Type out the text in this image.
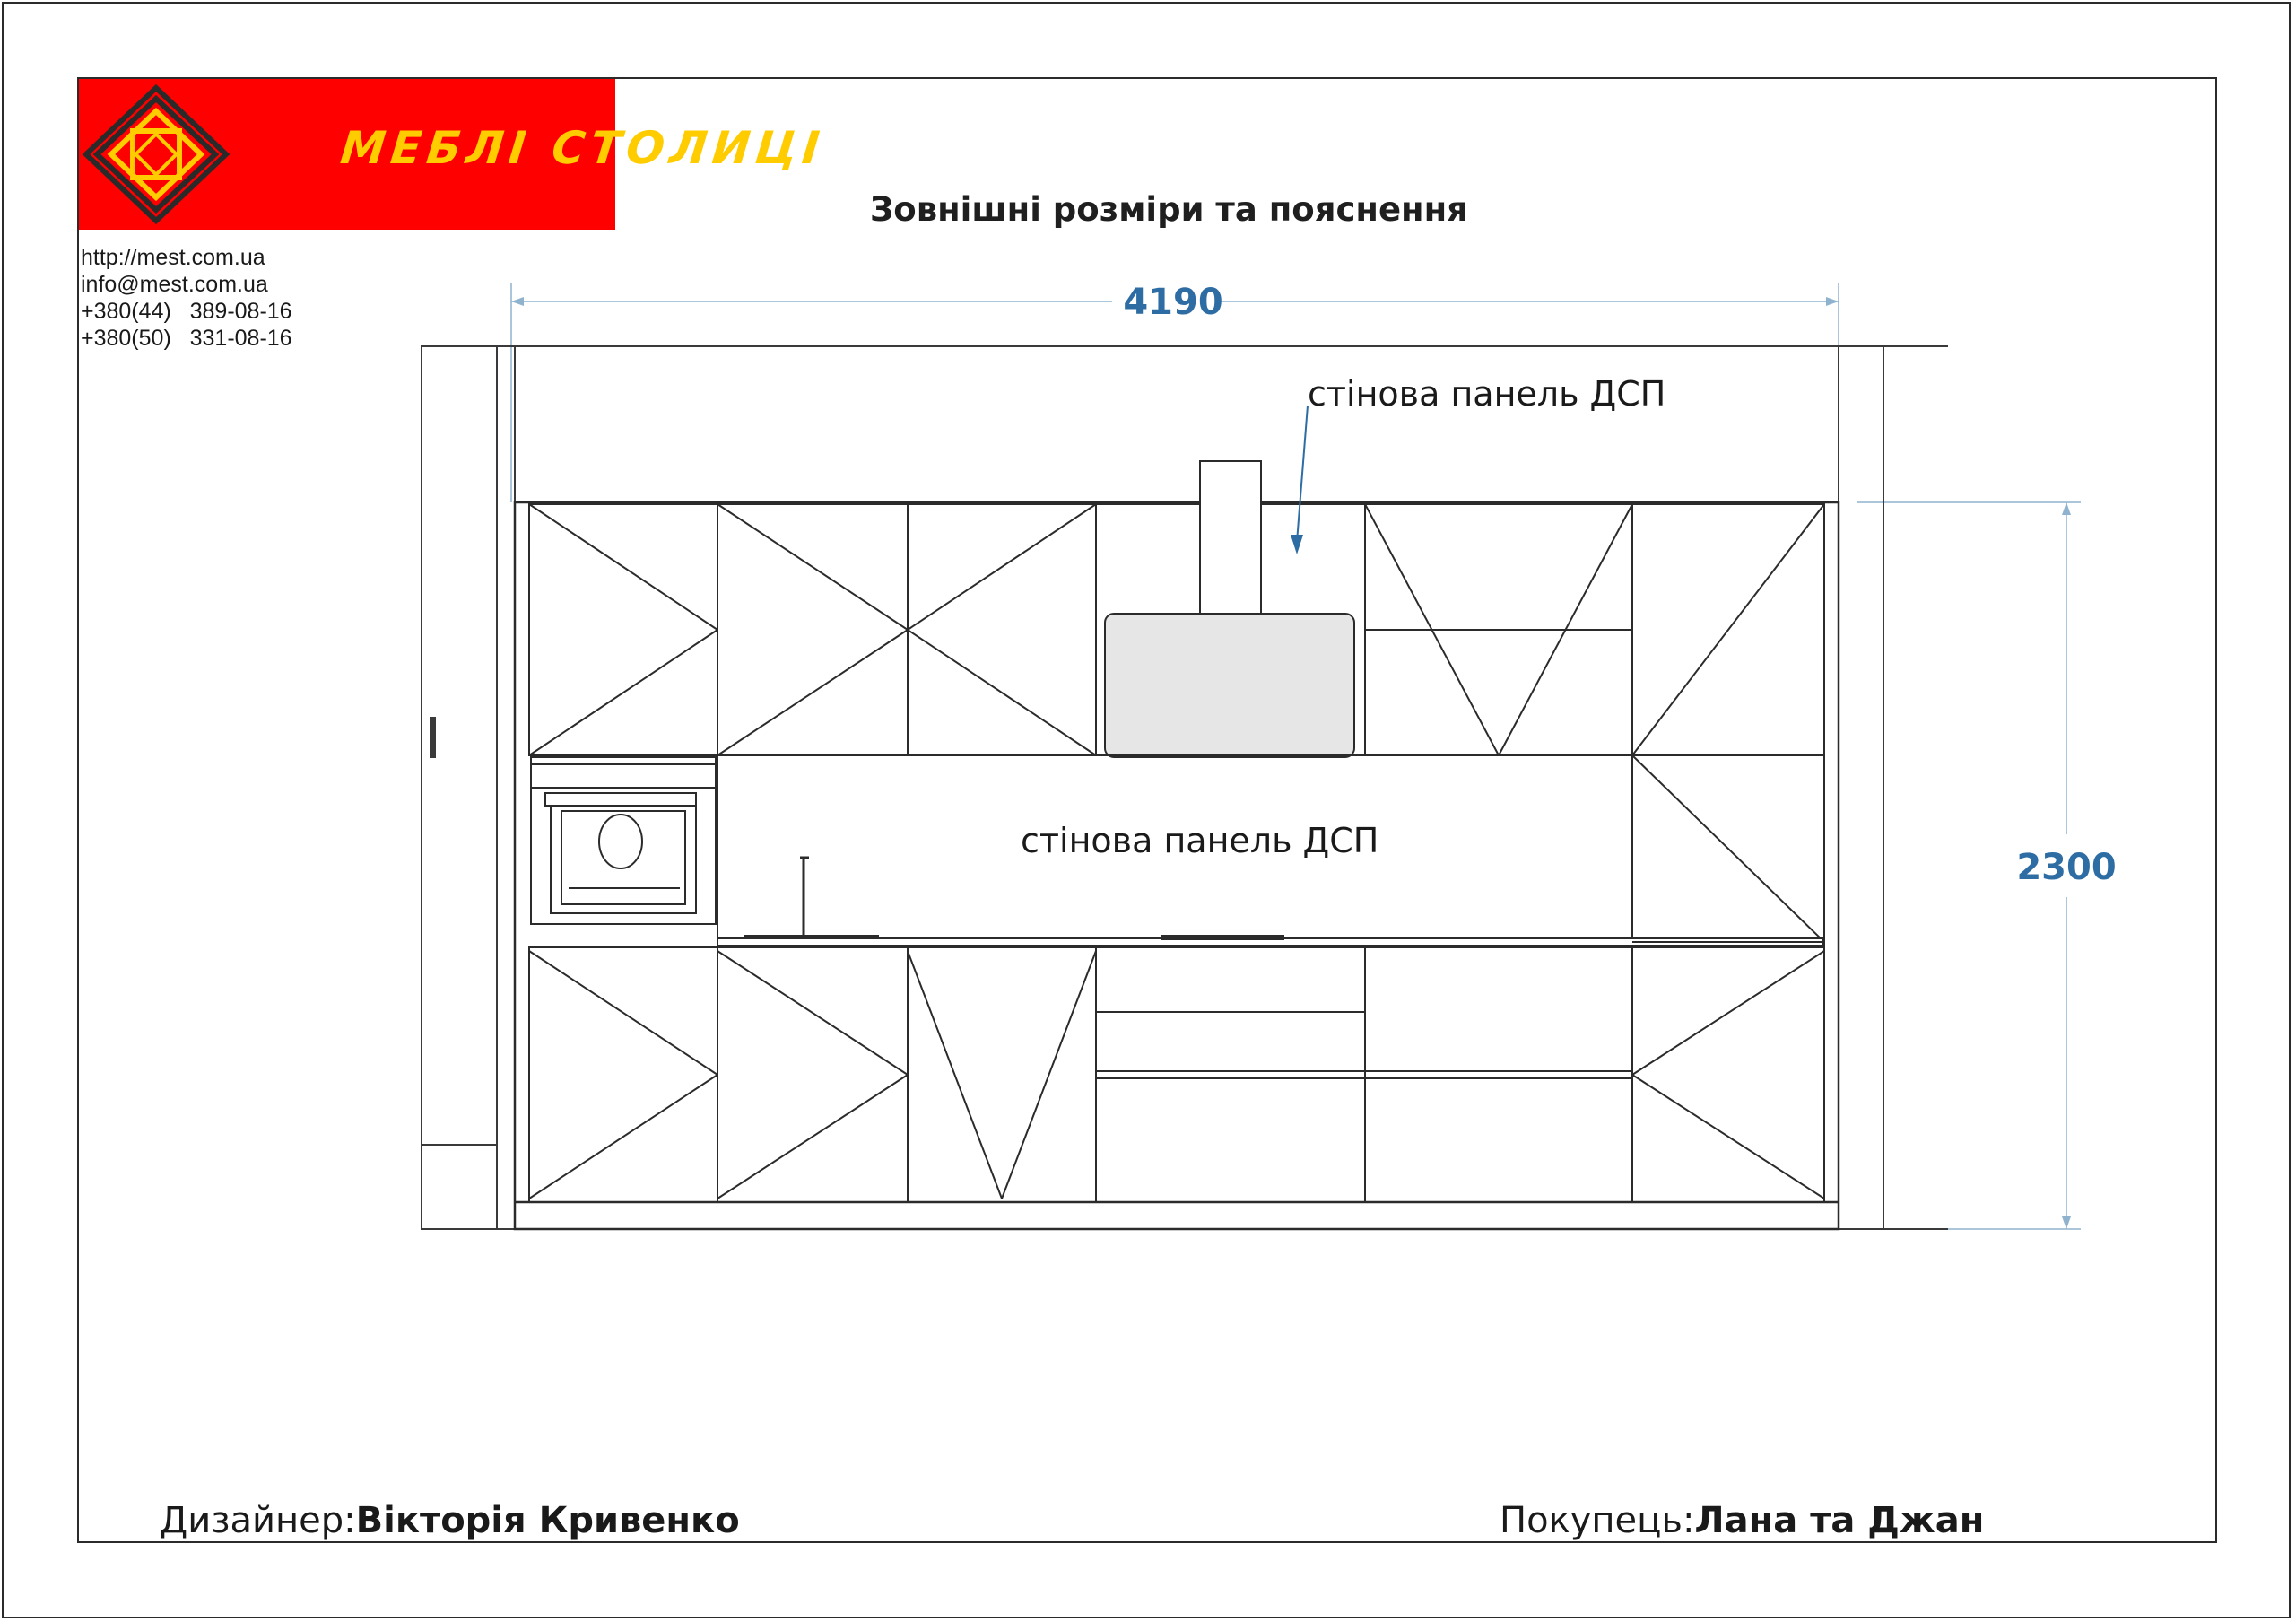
МЕБЛІ СТОЛИЦІ
http://mest.com.ua
info@mest.com.ua
+380(44)   389-08-16
+380(50)   331-08-16
Зовнішні розміри та пояснення
4190
2300
стінова панель ДСП
стінова панель ДСП
Дизайнер:Вікторія Кривенко	Покупець:Лана та Джан
